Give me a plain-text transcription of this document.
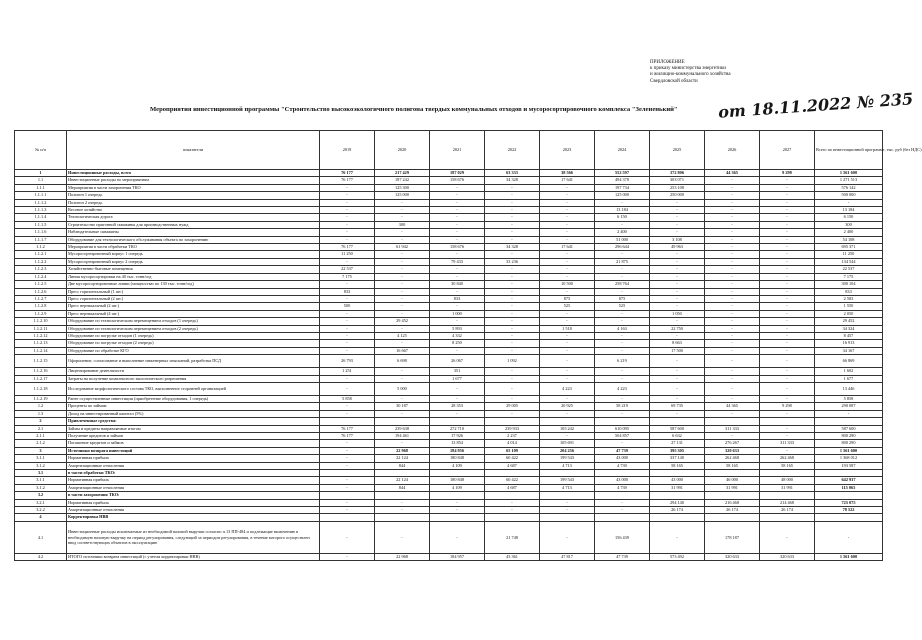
ПРИЛОЖЕНИЕ
к приказу министерства энергетики
и жилищно-коммунального хозяйства
Свердловской области
от 18.11.2022 № 235
Мероприятия инвестиционной программы "Строительство высокоэкологичного полигона твердых коммунальных отходов и мусоросортировочного комплекса "Зелененький"
№ п/п	показатели	2019	2020	2021	2022	2023	2024	2025	2026	2027	Всего по инвестиционной программе, тыс. руб (без НДС)
1	Инвестиционные расходы, всего	76 177	217 429	187 029	63 333	38 566	552 597	372 806	44 365	9 298	1 561 600
1.1	Инвестиционные расходы по мероприятиям	76 177	187 242	158 676	34 328	17 641	494 378	303 071	-	-	1 271 513
1.1.1	Мероприятия в части захоронения ТКО	-	125 300	-	-	-	197 734	253 108	-	-	576 142
1.1.1.1	Полигон 1 очередь	-	125 000	-	-	-	125 000	250 000	-	-	500 000
1.1.1.2	Полигон 2 очередь	-	-	-	-	-	-	-	-	-	-
1.1.1.3	Весовое хозяйство	-	-	-	-	-	13 184	-	-	-	13 184
1.1.1.4	Технологическая дорога	-	-	-	-	-	6 150	-	-	-	6 150
1.1.1.5	Строительство пригонной скважины для производственных нужд	-	300	-	-	-	-	-	-	-	300
1.1.1.6	Наблюдательные скважины	-	-	-	-	-	2 400	-	-	-	2 400
1.1.1.7	Оборудование для технологического обслуживания объекта по захоронению	-	-	-	-	-	51 000	3 108	-	-	54 108
1.1.2	Мероприятия в части обработки ТКО	76 177	61 942	158 676	34 328	17 641	296 644	49 963	-	-	695 371
1.1.2.1	Мусоросортировочный корпус 1 очередь	11 250	-	-	-	-	-	-	-	-	11 250
1.1.2.2	Мусоросортировочный корпус 2 очередь	-	-	79 433	33 236	-	21 875	-	-	-	134 544
1.1.2.3	Хозяйственно-бытовые помещения	22 537	-	-	-	-	-	-	-	-	22 537
1.1.2.4	Линия мусоросортировки на 40 тыс. тонн/год	7 175	-	-	-	-	-	-	-	-	7 175
1.1.2.5	Две мусоросортировочные линии (мощностью по 130 тыс. тонн/год)	-	-	30 840	-	10 500	258 764	-	-	-	300 104
1.1.2.6	Пресс горизонтальный (1 шт.)	833	-	-	-	-	-	-	-	-	833
1.1.2.7	Пресс горизонтальный (2 шт.)	-	-	833	-	875	875	-	-	-	2 583
1.1.2.8	Пресс вертикальный (2 шт.)	500	-	-	-	525	525	-	-	-	1 550
1.1.2.9	Пресс вертикальный (4 шт.)	-	-	1 000	-	-	-	1 050	-	-	2 050
1.1.2.10	Оборудование по технологическим перемещением отходов (1 очередь)	-	29 452	-	-	-	-	-	-	-	29 452
1.1.2.11	Оборудование по технологическим перемещением отходов (2 очередь)	-	-	5 893	-	1 518	4 163	22 750	-	-	34 324
1.1.2.12	Оборудование по погрузке отходов (1 очередь)	-	4 125	4 332	-	-	-	-	-	-	8 457
1.1.2.13	Оборудование по погрузке отходов (2 очередь)	-	-	8 250	-	-	-	8 663	-	-	16 913
1.1.2.14	Оборудование по обработке КГО	-	16 667	-	-	-	-	17 500	-	-	34 167
1.1.2.15	Оформление, согласование и выполнение инженерных изысканий, разработка ПСД	26 793	6 698	26 067	1 092	-	6 219	-	-	-	66 869
1.1.2.16	Лицензирование деятельности	1 251	-	351	-	-	-	-	-	-	1 602
1.1.2.17	Затраты на получение комплексного экологического разрешения	-	-	1 677	-	-	-	-	-	-	1 677
1.1.2.18	Исследование морфологического состава ТКО, выполненное сторонней организацией	-	5 000	-	-	4 223	4 223	-	-	-	13 446
1.1.2.19	Ранее осуществленные инвестиции (приобретение оборудования, 1 очередь)	5 858	-	-	-	-	-	-	-	-	5 858
1.2	Проценты по займам	-	30 187	28 353	29 005	20 925	58 219	69 735	44 365	9 298	290 087
1.3	Доход на инвестированный капитал (5%)	-	-	-	-	-	-	-	-	-	-
2	Привлеченные средства:										
2.1	Займы и кредиты направляемые итогом	76 177	239 638	272 710	239 933	105 242	610 095	587 600	311 333	-	587 600
2.1.1	Получение кредитов и займов	76 177	194 461	17 926	2 237	-	504 857	6 632	-	-	800 290
2.1.2	Погашение кредитов и займов	-	-	13 854	4 014	105 691	-	27 131	276 267	311 333	800 290
3	Источники возврата инвестиций	-	22 968	184 956	65 109	204 256	47 739	395 305	320 633	-	1 561 600
3.1.1	Нормативная прибыль	-	22 124	180 848	60 422	199 543	43 000	337 140	262 468	262 468	1 368 012
3.1.2	Амортизационные отчисления	-	844	4 109	4 687	4 713	4 739	58 165	58 165	58 165	193 587
3.1	в части обработки ТКО:										
3.1.1	Нормативная прибыль	-	22 124	180 848	60 422	199 543	43 000	43 000	46 000	48 000	642 937
3.1.2	Амортизационные отчисления	-	844	4 109	4 687	4 713	4 739	31 991	31 991	31 991	115 065
3.2	в части захоронения ТКО:										
3.2.1	Нормативная прибыль	-	-	-	-	-	-	294 140	216 468	214 468	725 075
3.2.2	Амортизационные отчисления	-	-	-	-	-	-	26 174	26 174	26 174	78 522
4	Корректировка НВВ										
4.1	Инвестиционные расходы исключаемые из необходимой валовой выручки согласно п.13 ПП-484 и подлежащие включению в необходимую валовую выручку на период регулирования, следующий за периодом регулирования, в течение которого осуществлен ввод соответствующих объектов в эксплуатацию	-	-	-	21 748	-	156 439	-	178 187	-	-
4.2	ИТОГО источники возврата инвестиций (с учетом корректировки НВВ)	-	22 968	184 957	43 361	47 817	47 739	573 492	320 633	320 633	1 561 600
